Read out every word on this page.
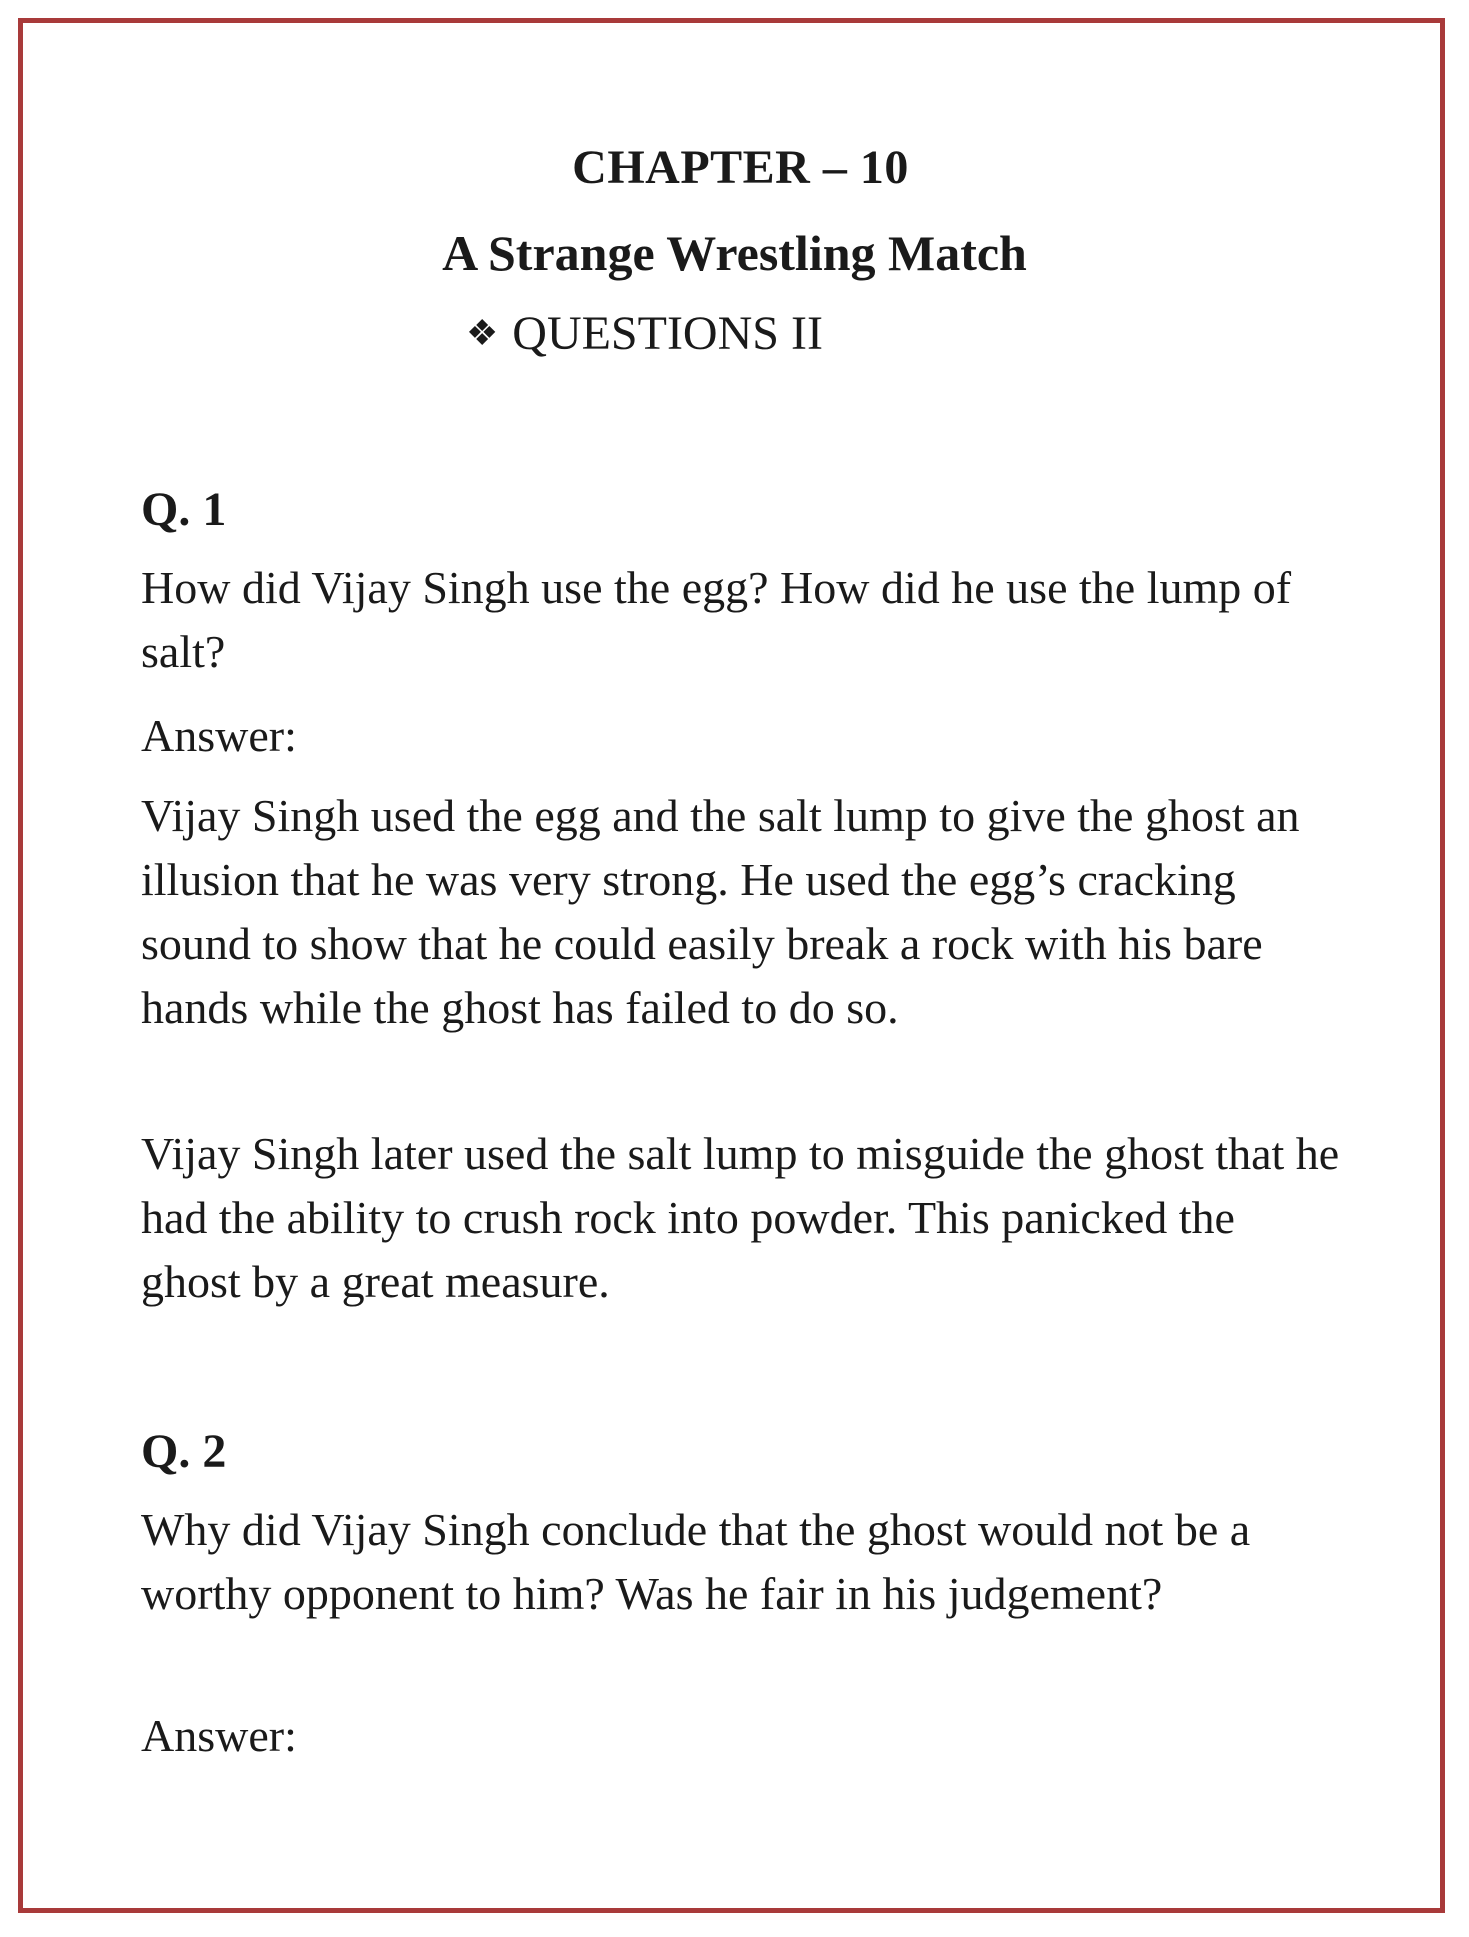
CHAPTER – 10
A Strange Wrestling Match
❖ QUESTIONS II
Q. 1
How did Vijay Singh use the egg? How did he use the lump of salt?
Answer:
Vijay Singh used the egg and the salt lump to give the ghost an illusion that he was very strong. He used the egg’s cracking sound to show that he could easily break a rock with his bare hands while the ghost has failed to do so.
Vijay Singh later used the salt lump to misguide the ghost that he had the ability to crush rock into powder. This panicked the ghost by a great measure.
Q. 2
Why did Vijay Singh conclude that the ghost would not be a worthy opponent to him? Was he fair in his judgement?
Answer:
